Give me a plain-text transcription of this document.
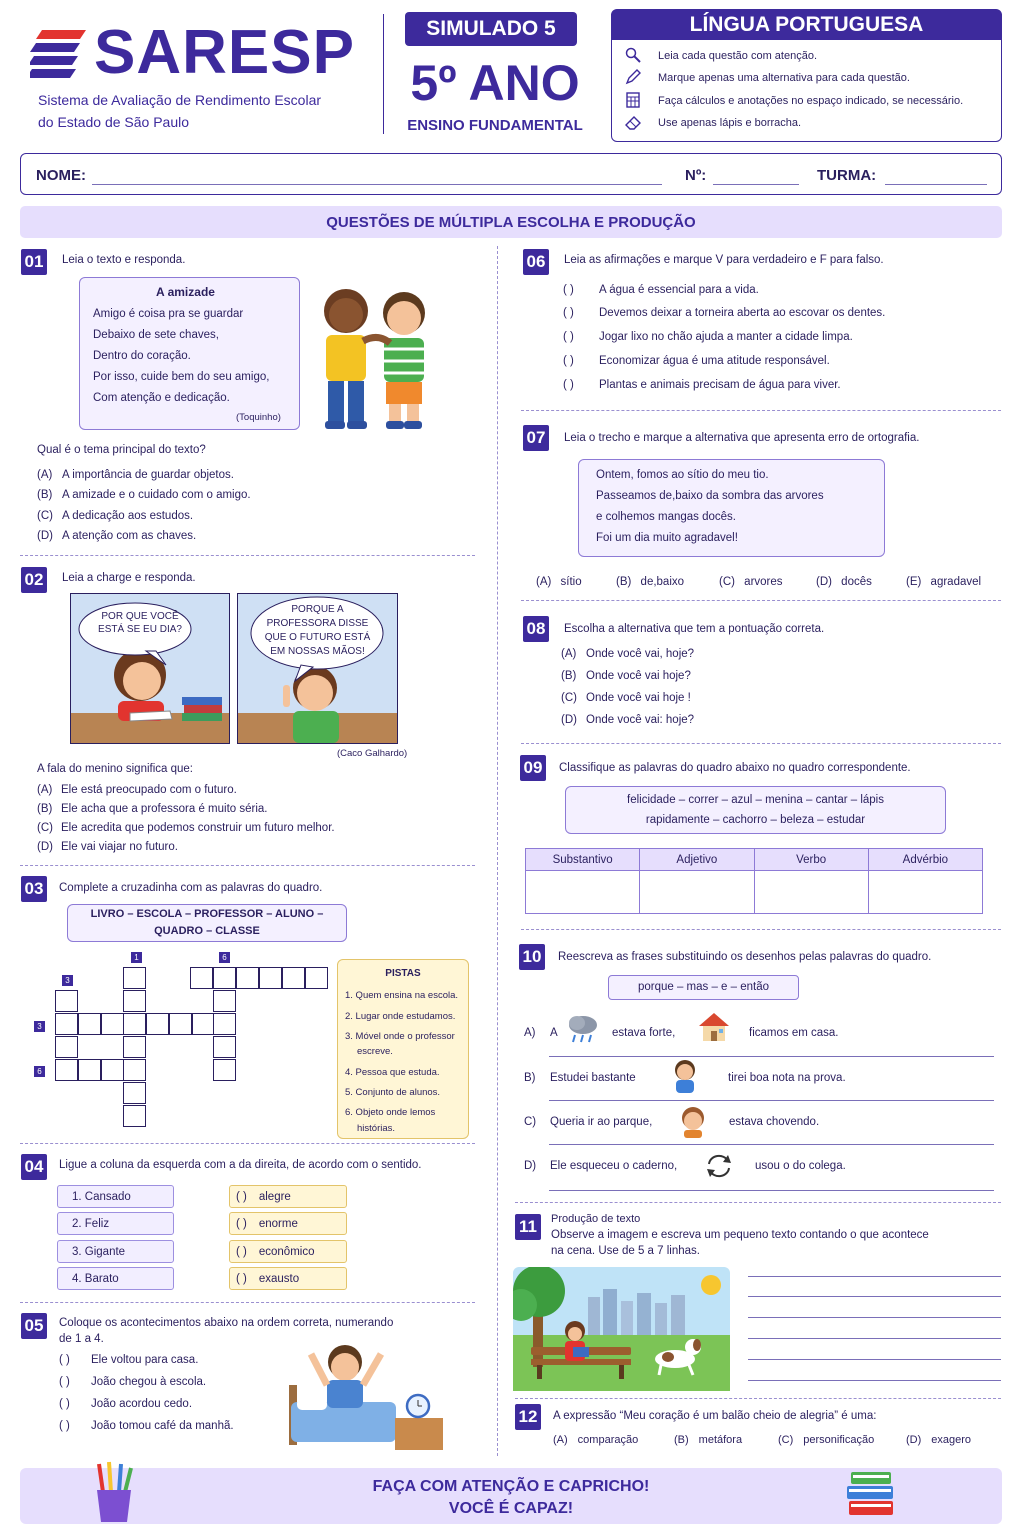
SARESP
Sistema de Avaliação de Rendimento Escolar
do Estado de São Paulo
SIMULADO 5
5º ANO
ENSINO FUNDAMENTAL
LÍNGUA PORTUGUESA
Leia cada questão com atenção.
Marque apenas uma alternativa para cada questão.
Faça cálculos e anotações no espaço indicado, se necessário.
Use apenas lápis e borracha.
NOME:	Nº:	TURMA:
QUESTÕES DE MÚLTIPLA ESCOLHA E PRODUÇÃO
01	Leia o texto e responda.
A amizade
Amigo é coisa pra se guardar
Debaixo de sete chaves,
Dentro do coração.
Por isso, cuide bem do seu amigo,
Com atenção e dedicação.
(Toquinho)
Qual é o tema principal do texto?
(A) A importância de guardar objetos.
(B) A amizade e o cuidado com o amigo.
(C) A dedicação aos estudos.
(D) A atenção com as chaves.
02	Leia a charge e responda.
POR QUE VOCÊ
ESTÁ SE EU DIA?
PORQUE A
PROFESSORA DISSE
QUE O FUTURO ESTÁ
EM NOSSAS MÃOS!
(Caco Galhardo)
A fala do menino significa que:
(A) Ele está preocupado com o futuro.
(B) Ele acha que a professora é muito séria.
(C) Ele acredita que podemos construir um futuro melhor.
(D) Ele vai viajar no futuro.
03	Complete a cruzadinha com as palavras do quadro.
LIVRO – ESCOLA – PROFESSOR – ALUNO –
QUADRO – CLASSE
1	6
3
3
6
PISTAS
1. Quem ensina na escola.
2. Lugar onde estudamos.
3. Móvel onde o professor
escreve.
4. Pessoa que estuda.
5. Conjunto de alunos.
6. Objeto onde lemos
histórias.
04	Ligue a coluna da esquerda com a da direita, de acordo com o sentido.
1. Cansado
2. Feliz
3. Gigante
4. Barato
( ) alegre
( ) enorme
( ) econômico
( ) exausto
05	Coloque os acontecimentos abaixo na ordem correta, numerando
de 1 a 4.
( ) Ele voltou para casa.
( ) João chegou à escola.
( ) João acordou cedo.
( ) João tomou café da manhã.
06	Leia as afirmações e marque V para verdadeiro e F para falso.
( ) A água é essencial para a vida.
( ) Devemos deixar a torneira aberta ao escovar os dentes.
( ) Jogar lixo no chão ajuda a manter a cidade limpa.
( ) Economizar água é uma atitude responsável.
( ) Plantas e animais precisam de água para viver.
07	Leia o trecho e marque a alternativa que apresenta erro de ortografia.
Ontem, fomos ao sítio do meu tio.
Passeamos de,baixo da sombra das arvores
e colhemos mangas docês.
Foi um dia muito agradavel!
(A) sítio	(B) de,baixo	(C) arvores	(D) docês	(E) agradavel
08	Escolha a alternativa que tem a pontuação correta.
(A) Onde você vai, hoje?
(B) Onde você vai hoje?
(C) Onde você vai hoje !
(D) Onde você vai: hoje?
09	Classifique as palavras do quadro abaixo no quadro correspondente.
felicidade – correr – azul – menina – cantar – lápis
rapidamente – cachorro – beleza – estudar
Substantivo	Adjetivo	Verbo	Advérbio
10	Reescreva as frases substituindo os desenhos pelas palavras do quadro.
porque – mas – e – então
A) A	estava forte,	ficamos em casa.
B) Estudei bastante	tirei boa nota na prova.
C) Queria ir ao parque,	estava chovendo.
D) Ele esqueceu o caderno,	usou o do colega.
11	Produção de texto
Observe a imagem e escreva um pequeno texto contando o que acontece
na cena. Use de 5 a 7 linhas.
12	A expressão “Meu coração é um balão cheio de alegria” é uma:
(A) comparação	(B) metáfora	(C) personificação	(D) exagero
FAÇA COM ATENÇÃO E CAPRICHO!
VOCÊ É CAPAZ!
